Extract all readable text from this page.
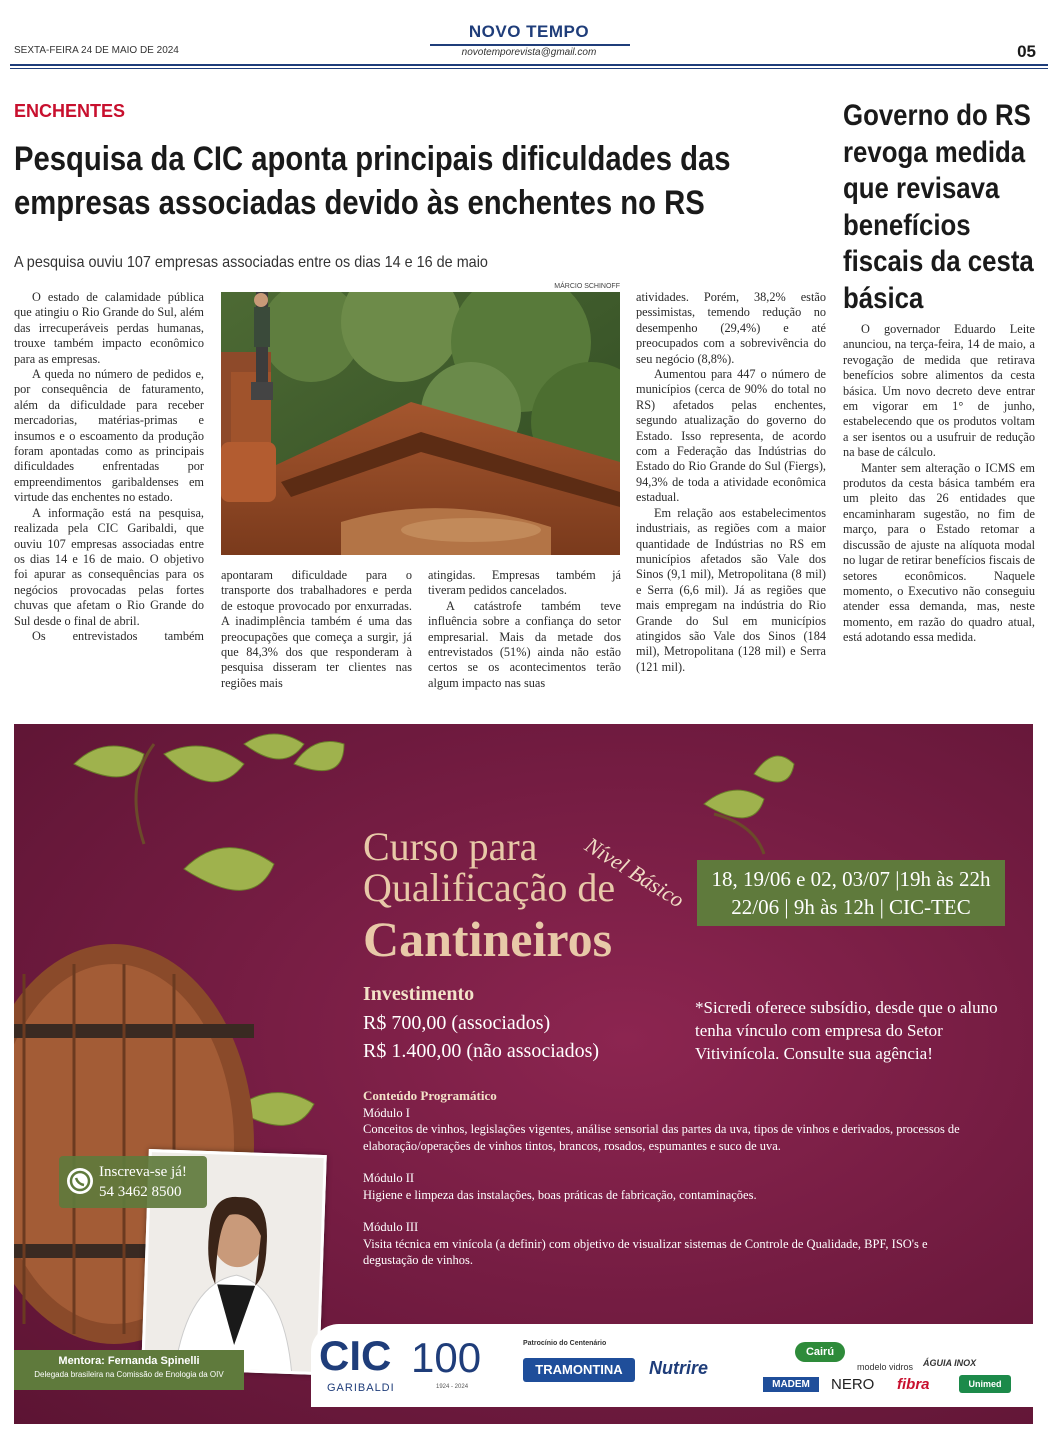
NOVO TEMPO
SEXTA-FEIRA 24 DE MAIO DE 2024	novotemporevista@gmail.com	05
ENCHENTES
Pesquisa da CIC aponta principais dificuldades das empresas associadas devido às enchentes no RS
A pesquisa ouviu 107 empresas associadas entre os dias 14 e 16 de maio

O estado de calamidade pública que atingiu o Rio Grande do Sul, além das irrecuperáveis perdas humanas, trouxe também impacto econômico para as empresas.

A queda no número de pedidos e, por consequência de faturamento, além da dificuldade para receber mercadorias, matérias-primas e insumos e o escoamento da produção foram apontadas como as principais dificuldades enfrentadas por empreendimentos garibaldenses em virtude das enchentes no estado.

A informação está na pesquisa, realizada pela CIC Garibaldi, que ouviu 107 empresas associadas entre os dias 14 e 16 de maio. O objetivo foi apurar as consequências para os negócios provocadas pelas fortes chuvas que afetam o Rio Grande do Sul desde o final de abril.

Os entrevistados também

MÁRCIO SCHINOFF
apontaram dificuldade para o transporte dos trabalhadores e perda de estoque provocado por enxurradas. A inadimplência também é uma das preocupações que começa a surgir, já que 84,3% dos que responderam à pesquisa disseram ter clientes nas regiões mais
atingidas. Empresas também já tiveram pedidos cancelados.

A catástrofe também teve influência sobre a confiança do setor empresarial. Mais da metade dos entrevistados (51%) ainda não estão certos se os acontecimentos terão algum impacto nas suas

atividades. Porém, 38,2% estão pessimistas, temendo redução no desempenho (29,4%) e até preocupados com a sobrevivência do seu negócio (8,8%).

Aumentou para 447 o número de municípios (cerca de 90% do total no RS) afetados pelas enchentes, segundo atualização do governo do Estado. Isso representa, de acordo com a Federação das Indústrias do Estado do Rio Grande do Sul (Fiergs), 94,3% de toda a atividade econômica estadual.

Em relação aos estabelecimentos industriais, as regiões com a maior quantidade de Indústrias no RS em municípios afetados são Vale dos Sinos (9,1 mil), Metropolitana (8 mil) e Serra (6,6 mil). Já as regiões que mais empregam na indústria do Rio Grande do Sul em municípios atingidos são Vale dos Sinos (184 mil), Metropolitana (128 mil) e Serra (121 mil).

Governo do RS revoga medida que revisava benefícios fiscais da cesta básica

O governador Eduardo Leite anunciou, na terça-feira, 14 de maio, a revogação de medida que retirava benefícios sobre alimentos da cesta básica. Um novo decreto deve entrar em vigorar em 1° de junho, estabelecendo que os produtos voltam a ser isentos ou a usufruir de redução na base de cálculo.

Manter sem alteração o ICMS em produtos da cesta básica também era um pleito das 26 entidades que encaminharam sugestão, no fim de março, para o Estado retomar a discussão de ajuste na alíquota modal no lugar de retirar benefícios fiscais de setores econômicos. Naquele momento, o Executivo não conseguiu atender essa demanda, mas, neste momento, em razão do quadro atual, está adotando essa medida.

Curso para
Qualificação de
Cantineiros
Nível Básico	18, 19/06 e 02, 03/07 |19h às 22h
22/06 | 9h às 12h | CIC-TEC
Investimento
R$ 700,00 (associados)
R$ 1.400,00 (não associados)
*Sicredi oferece subsídio, desde que o aluno tenha vínculo com empresa do Setor Vitivinícola. Consulte sua agência!
Conteúdo Programático
Módulo I
Conceitos de vinhos, legislações vigentes, análise sensorial das partes da uva, tipos de vinhos e derivados, processos de elaboração/operações de vinhos tintos, brancos, rosados, espumantes e suco de uva.
Módulo II
Higiene e limpeza das instalações, boas práticas de fabricação, contaminações.
Módulo III
Visita técnica em vinícola (a definir) com objetivo de visualizar sistemas de Controle de Qualidade, BPF, ISO's e degustação de vinhos.
Inscreva-se já!
54 3462 8500
Mentora: Fernanda Spinelli
Delegada brasileira na Comissão de Enologia da OIV	CIC
GARIBALDI
100
1924 - 2024
Patrocínio do Centenário
TRAMONTINA	Nutrire
Cairú
modelo vidros ÁGUIA INOX
MADEM	NERO fibra	Unimed
